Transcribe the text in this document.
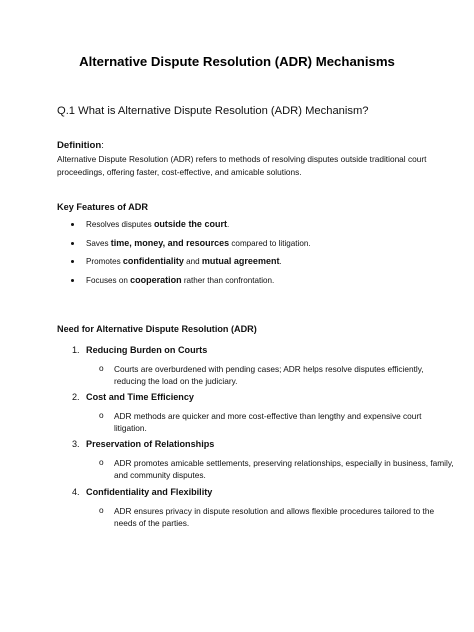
Alternative Dispute Resolution (ADR) Mechanisms
Q.1 What is Alternative Dispute Resolution (ADR) Mechanism?
Definition:
Alternative Dispute Resolution (ADR) refers to methods of resolving disputes outside traditional court proceedings, offering faster, cost-effective, and amicable solutions.
Key Features of ADR
Resolves disputes outside the court.
Saves time, money, and resources compared to litigation.
Promotes confidentiality and mutual agreement.
Focuses on cooperation rather than confrontation.
Need for Alternative Dispute Resolution (ADR)
1. Reducing Burden on Courts
o Courts are overburdened with pending cases; ADR helps resolve disputes efficiently, reducing the load on the judiciary.
2. Cost and Time Efficiency
o ADR methods are quicker and more cost-effective than lengthy and expensive court litigation.
3. Preservation of Relationships
o ADR promotes amicable settlements, preserving relationships, especially in business, family, and community disputes.
4. Confidentiality and Flexibility
o ADR ensures privacy in dispute resolution and allows flexible procedures tailored to the needs of the parties.
